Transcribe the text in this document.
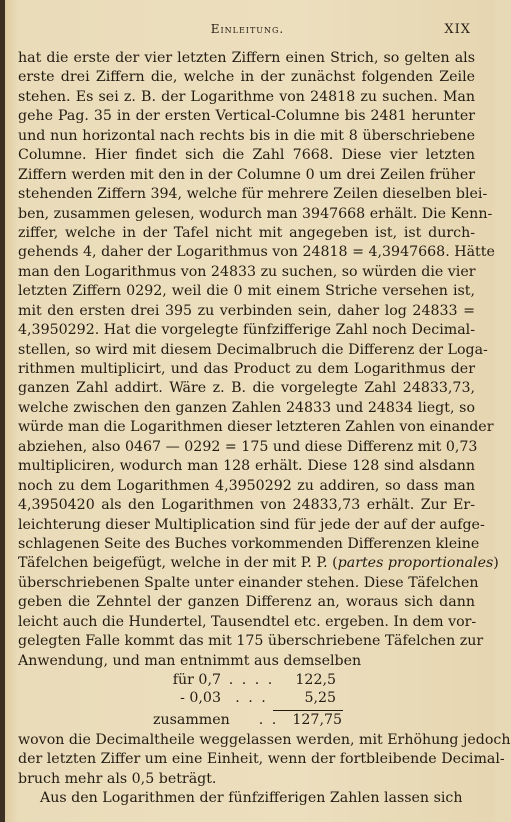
Einleitung.	XIX
hat die erste der vier letzten Ziffern einen Strich, so gelten als
erste drei Ziffern die, welche in der zunächst folgenden Zeile
stehen. Es sei z. B. der Logarithme von 24818 zu suchen. Man
gehe Pag. 35 in der ersten Vertical-Columne bis 2481 herunter
und nun horizontal nach rechts bis in die mit 8 überschriebene
Columne. Hier findet sich die Zahl 7668. Diese vier letzten
Ziffern werden mit den in der Columne 0 um drei Zeilen früher
stehenden Ziffern 394, welche für mehrere Zeilen dieselben blei-
ben, zusammen gelesen, wodurch man 3947668 erhält. Die Kenn-
ziffer, welche in der Tafel nicht mit angegeben ist, ist durch-
gehends 4, daher der Logarithmus von 24818 = 4,3947668. Hätte
man den Logarithmus von 24833 zu suchen, so würden die vier
letzten Ziffern 0292, weil die 0 mit einem Striche versehen ist,
mit den ersten drei 395 zu verbinden sein, daher log 24833 =
4,3950292. Hat die vorgelegte fünfzifferige Zahl noch Decimal-
stellen, so wird mit diesem Decimalbruch die Differenz der Loga-
rithmen multiplicirt, und das Product zu dem Logarithmus der
ganzen Zahl addirt. Wäre z. B. die vorgelegte Zahl 24833,73,
welche zwischen den ganzen Zahlen 24833 und 24834 liegt, so
würde man die Logarithmen dieser letzteren Zahlen von einander
abziehen, also 0467 — 0292 = 175 und diese Differenz mit 0,73
multipliciren, wodurch man 128 erhält. Diese 128 sind alsdann
noch zu dem Logarithmen 4,3950292 zu addiren, so dass man
4,3950420 als den Logarithmen von 24833,73 erhält. Zur Er-
leichterung dieser Multiplication sind für jede der auf der aufge-
schlagenen Seite des Buches vorkommenden Differenzen kleine
Täfelchen beigefügt, welche in der mit P. P. (partes proportionales)
überschriebenen Spalte unter einander stehen. Diese Täfelchen
geben die Zehntel der ganzen Differenz an, woraus sich dann
leicht auch die Hundertel, Tausendtel etc. ergeben. In dem vor-
gelegten Falle kommt das mit 175 überschriebene Täfelchen zur
Anwendung, und man entnimmt aus demselben
für 0,7 . . . . 122,5
- 0,03 . . .	5,25
zusammen . . 127,75
wovon die Decimaltheile weggelassen werden, mit Erhöhung jedoch
der letzten Ziffer um eine Einheit, wenn der fortbleibende Decimal-
bruch mehr als 0,5 beträgt.
Aus den Logarithmen der fünfzifferigen Zahlen lassen sich
